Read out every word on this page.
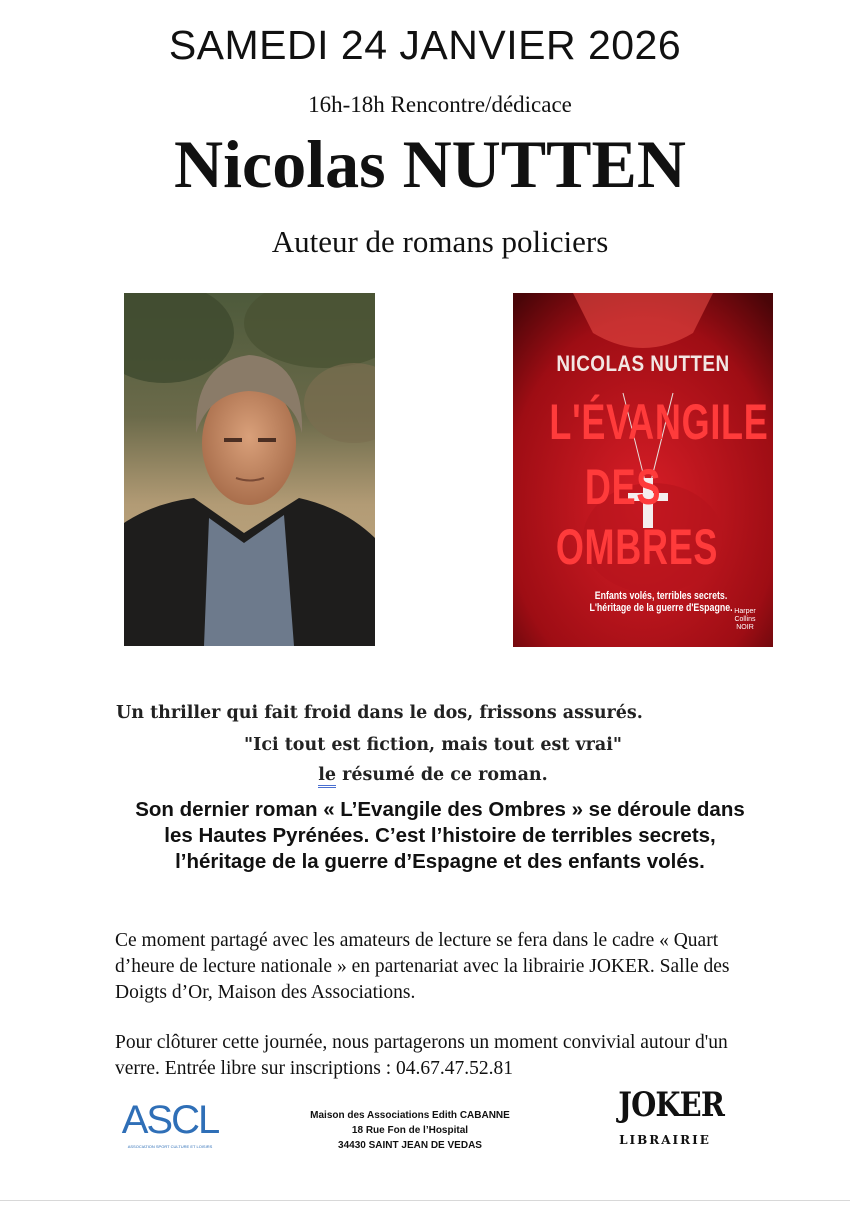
SAMEDI 24 JANVIER 2026
16h-18h Rencontre/dédicace
Nicolas NUTTEN
Auteur de romans policiers
NICOLAS NUTTEN
L'ÉVANGILE
DES
OMBRES
Enfants volés, terribles secrets.
L'héritage de la guerre d'Espagne. Harper
Collins
NOIR
Un thriller qui fait froid dans le dos, frissons assurés.
"Ici tout est fiction, mais tout est vrai"
le résumé de ce roman.
Son dernier roman « L’Evangile des Ombres » se déroule dans les Hautes Pyrénées. C’est l’histoire de terribles secrets, l’héritage de la guerre d’Espagne et des enfants volés.
Ce moment partagé avec les amateurs de lecture se fera dans le cadre « Quart d’heure de lecture nationale » en partenariat avec la librairie JOKER. Salle des Doigts d’Or, Maison des Associations.
Pour clôturer cette journée, nous partagerons un moment convivial autour d'un verre. Entrée libre sur inscriptions : 04.67.47.52.81
ASCL
ASSOCIATION SPORT CULTURE ET LOISIRS
Maison des Associations Edith CABANNE
18 Rue Fon de l’Hospital
34430 SAINT JEAN DE VEDAS
JOKER
LIBRAIRIE
